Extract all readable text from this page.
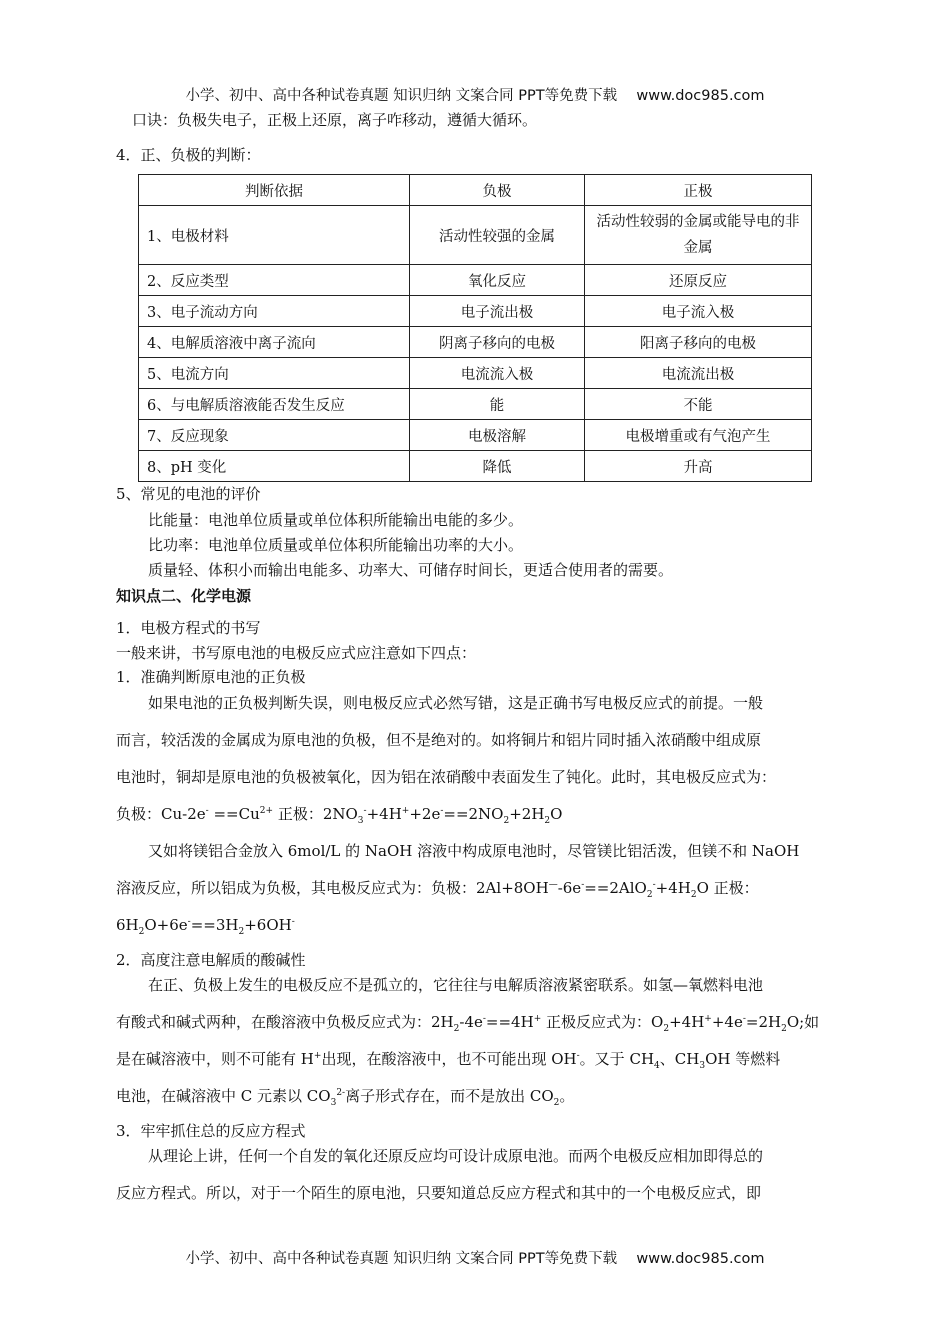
小学、初中、高中各种试卷真题 知识归纳 文案合同 PPT等免费下载 www.doc985.com
口诀：负极失电子，正极上还原，离子咋移动，遵循大循环。
4．正、负极的判断：
判断依据	负极	正极
1、电极材料	活动性较强的金属	活动性较弱的金属或能导电的非金属
2、反应类型	氧化反应	还原反应
3、电子流动方向	电子流出极	电子流入极
4、电解质溶液中离子流向	阴离子移向的电极	阳离子移向的电极
5、电流方向	电流流入极	电流流出极
6、与电解质溶液能否发生反应	能	不能
7、反应现象	电极溶解	电极增重或有气泡产生
8、pH 变化	降低	升高
5、常见的电池的评价
比能量：电池单位质量或单位体积所能输出电能的多少。
比功率：电池单位质量或单位体积所能输出功率的大小。
质量轻、体积小而输出电能多、功率大、可储存时间长，更适合使用者的需要。
知识点二、化学电源
1．电极方程式的书写
一般来讲，书写原电池的电极反应式应注意如下四点：
1．准确判断原电池的正负极
如果电池的正负极判断失误，则电极反应式必然写错，这是正确书写电极反应式的前提。一般
而言，较活泼的金属成为原电池的负极，但不是绝对的。如将铜片和铝片同时插入浓硝酸中组成原
电池时，铜却是原电池的负极被氧化，因为铝在浓硝酸中表面发生了钝化。此时，其电极反应式为：
负极：$Cu-2e^- ==Cu^{2+}$ 正极：$2NO_3^-+4H^++2e^-==2NO_2+2H_2O$
又如将镁铝合金放入 6mol/L 的 NaOH 溶液中构成原电池时，尽管镁比铝活泼，但镁不和 NaOH
溶液反应，所以铝成为负极，其电极反应式为：负极：$2Al+8OH^—-6e^-==2AlO_2^-+4H_2O$ 正极：
$6H_2O+6e^-==3H_2+6OH^-$
2．高度注意电解质的酸碱性
在正、负极上发生的电极反应不是孤立的，它往往与电解质溶液紧密联系。如氢—氧燃料电池
有酸式和碱式两种，在酸溶液中负极反应式为：$2H_2-4e^-==4H^+$ 正极反应式为：$O_2+4H^++4e^-=2H_2O$;如
是在碱溶液中，则不可能有 H+出现，在酸溶液中，也不可能出现 OH-。又于 $CH_4$、$CH_3OH$ 等燃料
电池，在碱溶液中 C 元素以 $CO_3^{2-}$离子形式存在，而不是放出 $CO_2$。
3．牢牢抓住总的反应方程式
从理论上讲，任何一个自发的氧化还原反应均可设计成原电池。而两个电极反应相加即得总的
反应方程式。所以，对于一个陌生的原电池，只要知道总反应方程式和其中的一个电极反应式，即
小学、初中、高中各种试卷真题 知识归纳 文案合同 PPT等免费下载 www.doc985.com
